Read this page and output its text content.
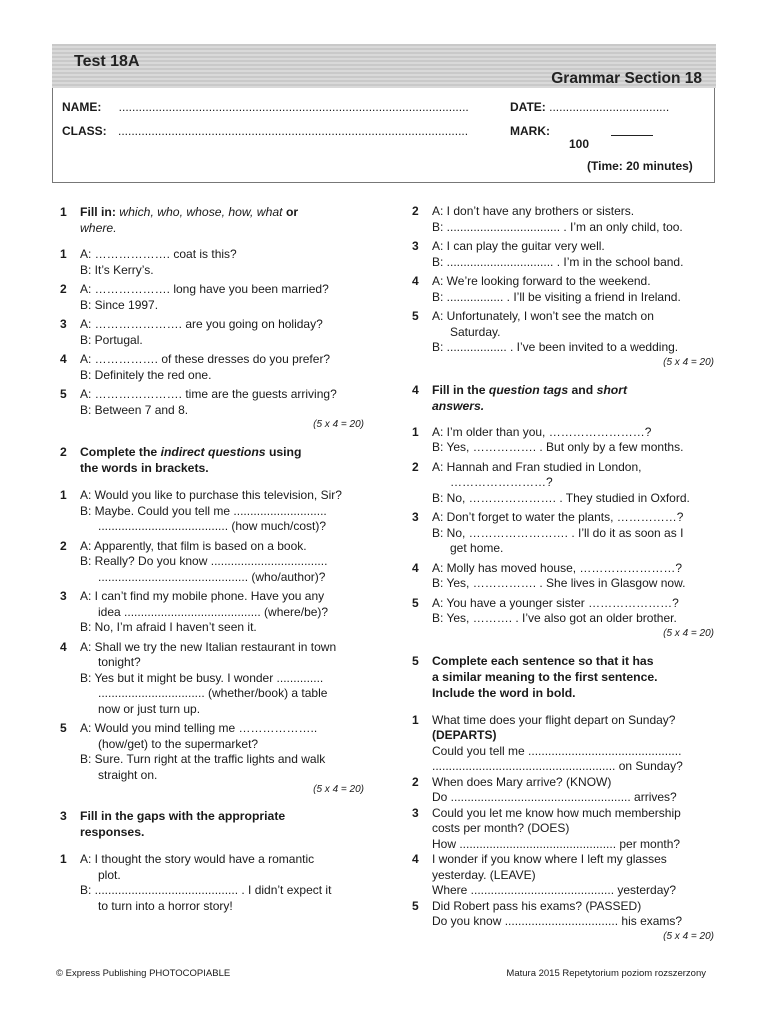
Test 18A
Grammar Section 18
NAME: .........................................................................................................	DATE: ....................................
CLASS: .........................................................................................................	MARK:
100
(Time: 20 minutes)
1	Fill in: which, who, whose, how, what or
where.
1	A: ………………. coat is this?
B: It’s Kerry’s.
2	A: ………………. long have you been married?
B: Since 1997.
3	A: …………………. are you going on holiday?
B: Portugal.
4	A: ……………. of these dresses do you prefer?
B: Definitely the red one.
5	A: …………………. time are the guests arriving?
B: Between 7 and 8.
(5 x 4 = 20)
2	Complete the indirect questions using
the words in brackets.
1	A: Would you like to purchase this television, Sir?
B: Maybe. Could you tell me ............................
....................................... (how much/cost)?
2	A: Apparently, that film is based on a book.
B: Really? Do you know ...................................
............................................. (who/author)?
3	A: I can’t find my mobile phone. Have you any
idea ......................................... (where/be)?
B: No, I’m afraid I haven’t seen it.
4	A: Shall we try the new Italian restaurant in town
tonight?
B: Yes but it might be busy. I wonder ..............
................................ (whether/book) a table
now or just turn up.
5	A: Would you mind telling me ………………..
(how/get) to the supermarket?
B: Sure. Turn right at the traffic lights and walk
straight on.
(5 x 4 = 20)
3	Fill in the gaps with the appropriate
responses.
1	A: I thought the story would have a romantic
plot.
B: ........................................... . I didn’t expect it
to turn into a horror story!
2	A: I don’t have any brothers or sisters.
B: .................................. . I’m an only child, too.
3	A: I can play the guitar very well.
B: ................................ . I’m in the school band.
4	A: We’re looking forward to the weekend.
B: ................. . I’ll be visiting a friend in Ireland.
5	A: Unfortunately, I won’t see the match on
Saturday.
B: .................. . I’ve been invited to a wedding.
(5 x 4 = 20)
4	Fill in the question tags and short
answers.
1	A: I’m older than you, ……………………?
B: Yes, ……………. . But only by a few months.
2	A: Hannah and Fran studied in London,
……………………?
B: No, …………………. . They studied in Oxford.
3	A: Don’t forget to water the plants, ……………?
B: No, ……………………. . I’ll do it as soon as I
get home.
4	A: Molly has moved house, ……………………?
B: Yes, ……………. . She lives in Glasgow now.
5	A: You have a younger sister …………………?
B: Yes, ………. . I’ve also got an older brother.
(5 x 4 = 20)
5	Complete each sentence so that it has
a similar meaning to the first sentence.
Include the word in bold.
1	What time does your flight depart on Sunday?
(DEPARTS)
Could you tell me ..............................................
....................................................... on Sunday?
2	When does Mary arrive? (KNOW)
Do ...................................................... arrives?
3	Could you let me know how much membership
costs per month? (DOES)
How ............................................... per month?
4	I wonder if you know where I left my glasses
yesterday. (LEAVE)
Where ........................................... yesterday?
5	Did Robert pass his exams? (PASSED)
Do you know .................................. his exams?
(5 x 4 = 20)
© Express Publishing PHOTOCOPIABLE	Matura 2015 Repetytorium poziom rozszerzony
